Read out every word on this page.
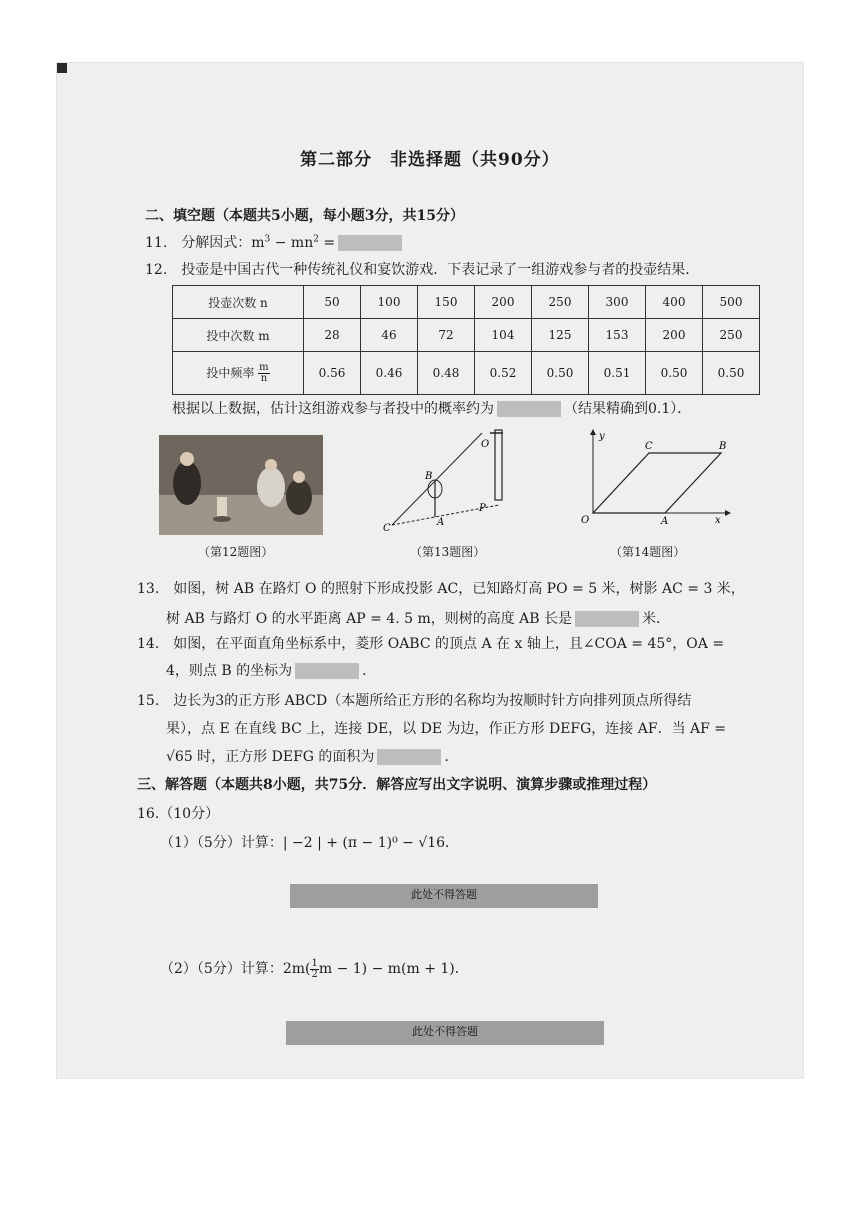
第二部分　非选择题（共90分）
二、填空题（本题共5小题，每小题3分，共15分）
11.　分解因式：$m^3 - mn^2$ =
12.　投壶是中国古代一种传统礼仪和宴饮游戏．下表记录了一组游戏参与者的投壶结果．
投壶次数 n	50	100	150	200	250	300	400	500
投中次数 m	28	46	72	104	125	153	200	250
投中频率 $\frac{m}{n}$	0.56	0.46	0.48	0.52	0.50	0.51	0.50	0.50
根据以上数据，估计这组游戏参与者投中的概率约为	（结果精确到0.1）．
O
B
C
A
P
y
x
C	B
O	A
（第12题图）	（第13题图）	（第14题图）
13.　如图，树 AB 在路灯 O 的照射下形成投影 AC，已知路灯高 PO = 5 米，树影 AC = 3 米，
树 AB 与路灯 O 的水平距离 AP = 4. 5 m，则树的高度 AB 长是	米．
14.　如图，在平面直角坐标系中，菱形 OABC 的顶点 A 在 x 轴上，且∠COA = 45°，OA =
4，则点 B 的坐标为	．
15.　边长为3的正方形 ABCD（本题所给正方形的名称均为按顺时针方向排列顶点所得结
果），点 E 在直线 BC 上，连接 DE，以 DE 为边，作正方形 DEFG，连接 AF．当 AF =
√65 时，正方形 DEFG 的面积为	．
三、解答题（本题共8小题，共75分．解答应写出文字说明、演算步骤或推理过程）
16.（10分）
（1）（5分）计算：| −2 | + (π − 1)⁰ − √16．
此处不得答题
（2）（5分）计算：$2m( \frac{1}{2}$ m − 1) − m(m + 1)．
此处不得答题
